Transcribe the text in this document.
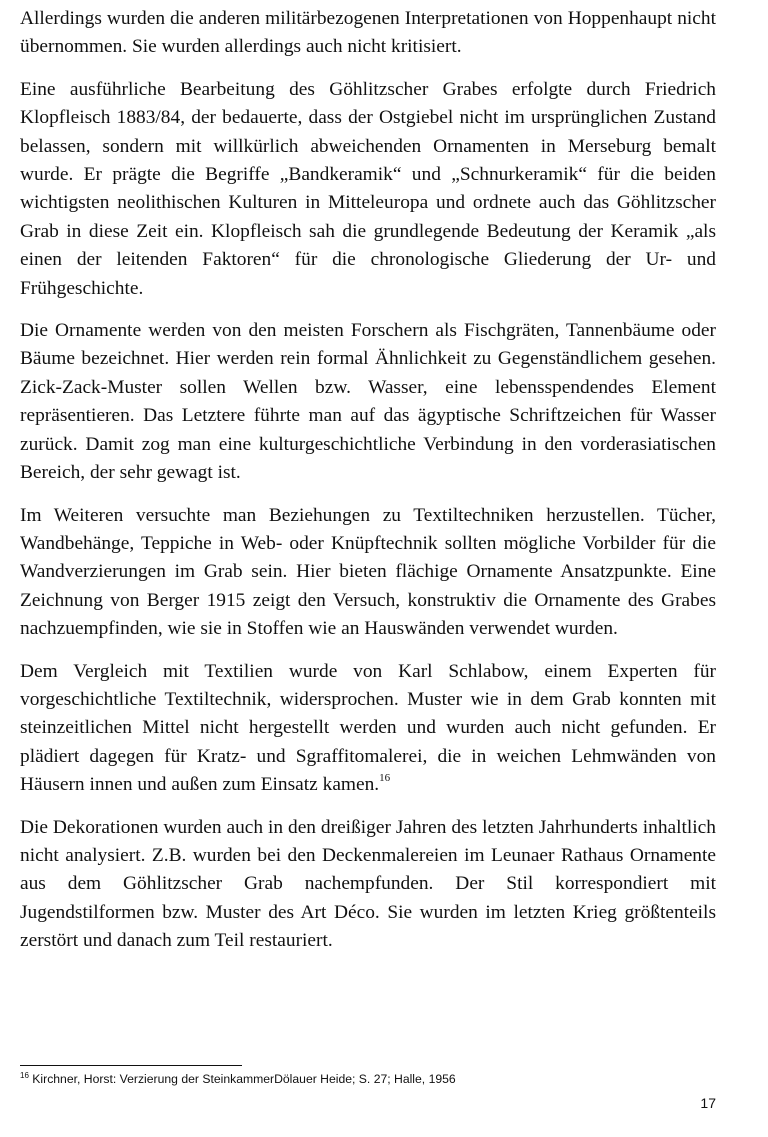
Allerdings wurden die anderen militärbezogenen Interpretationen von Hoppenhaupt nicht übernommen. Sie wurden allerdings auch nicht kritisiert.

Eine ausführliche Bearbeitung des Göhlitzscher Grabes erfolgte durch Friedrich Klopfleisch 1883/84, der bedauerte, dass der Ostgiebel nicht im ursprünglichen Zustand belassen, sondern mit willkürlich abweichenden Ornamenten in Merseburg bemalt wurde. Er prägte die Begriffe „Bandkeramik“ und „Schnurkeramik“ für die beiden wichtigsten neolithischen Kulturen in Mitteleuropa und ordnete auch das Göhlitzscher Grab in diese Zeit ein. Klopfleisch sah die grundlegende Bedeutung der Keramik „als einen der leitenden Faktoren“ für die chronologische Gliederung der Ur- und Frühgeschichte.

Die Ornamente werden von den meisten Forschern als Fischgräten, Tannenbäume oder Bäume bezeichnet. Hier werden rein formal Ähnlichkeit zu Gegenständlichem gesehen. Zick-Zack-Muster sollen Wellen bzw. Wasser, eine lebensspendendes Element repräsentieren. Das Letztere führte man auf das ägyptische Schriftzeichen für Wasser zurück. Damit zog man eine kulturgeschichtliche Verbindung in den vorderasiatischen Bereich, der sehr gewagt ist.

Im Weiteren versuchte man Beziehungen zu Textiltechniken herzustellen. Tücher, Wandbehänge, Teppiche in Web- oder Knüpftechnik sollten mögliche Vorbilder für die Wandverzierungen im Grab sein. Hier bieten flächige Ornamente Ansatzpunkte. Eine Zeichnung von Berger 1915 zeigt den Versuch, konstruktiv die Ornamente des Grabes nachzuempfinden, wie sie in Stoffen wie an Hauswänden verwendet wurden.

Dem Vergleich mit Textilien wurde von Karl Schlabow, einem Experten für vorgeschichtliche Textiltechnik, widersprochen. Muster wie in dem Grab konnten mit steinzeitlichen Mittel nicht hergestellt werden und wurden auch nicht gefunden. Er plädiert dagegen für Kratz- und Sgraffitomalerei, die in weichen Lehmwänden von Häusern innen und außen zum Einsatz kamen.$^{16}$

Die Dekorationen wurden auch in den dreißiger Jahren des letzten Jahrhunderts inhaltlich nicht analysiert. Z.B. wurden bei den Deckenmalereien im Leunaer Rathaus Ornamente aus dem Göhlitzscher Grab nachempfunden. Der Stil korrespondiert mit Jugendstilformen bzw. Muster des Art Déco. Sie wurden im letzten Krieg größtenteils zerstört und danach zum Teil restauriert.

$^{16}$ Kirchner, Horst: Verzierung der SteinkammerDölauer Heide; S. 27; Halle, 1956
17
